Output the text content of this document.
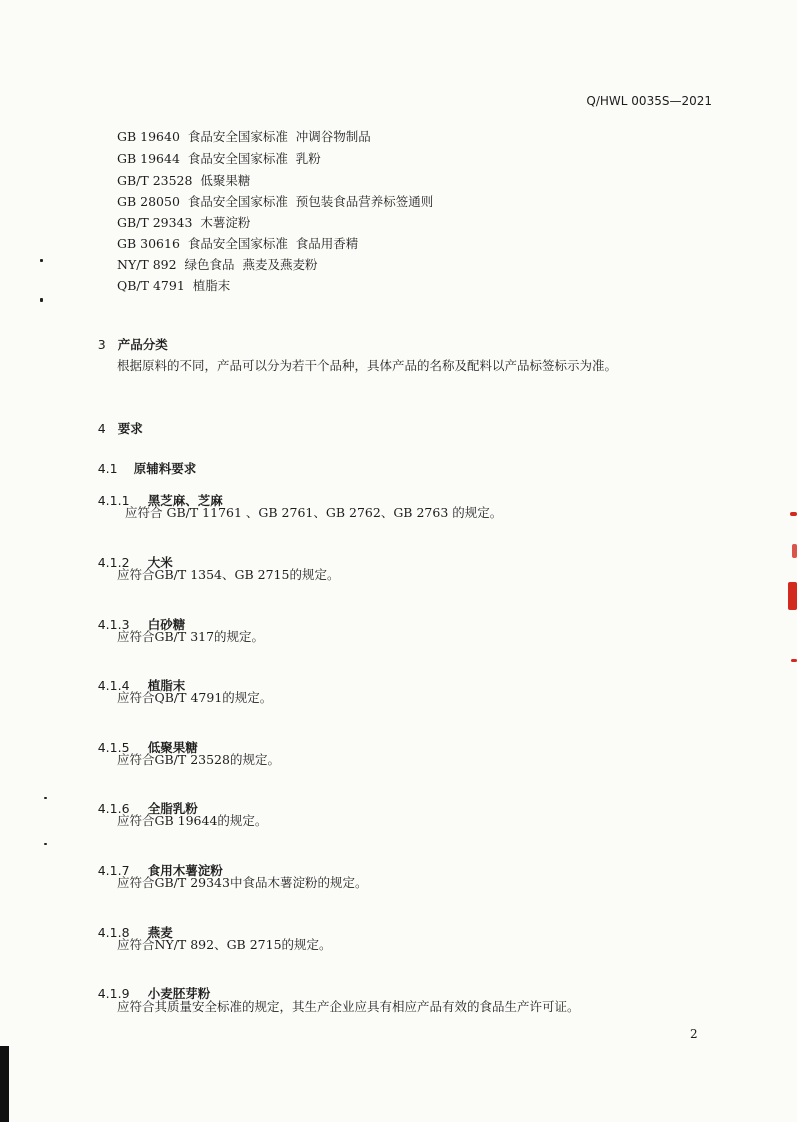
Q/HWL 0035S—2021
GB 19640  食品安全国家标准  冲调谷物制品
GB 19644  食品安全国家标准  乳粉
GB/T 23528  低聚果糖
GB 28050  食品安全国家标准  预包装食品营养标签通则
GB/T 29343  木薯淀粉
GB 30616  食品安全国家标准  食品用香精
NY/T 892  绿色食品  燕麦及燕麦粉
QB/T 4791  植脂末

3 产品分类

根据原料的不同，产品可以分为若干个品种，具体产品的名称及配料以产品标签标示为准。

4 要求

4.1 原辅料要求

4.1.1 黑芝麻、芝麻

应符合 GB/T 11761 、GB 2761、GB 2762、GB 2763 的规定。

4.1.2 大米

应符合GB/T 1354、GB 2715的规定。

4.1.3 白砂糖

应符合GB/T 317的规定。

4.1.4 植脂末

应符合QB/T 4791的规定。

4.1.5 低聚果糖

应符合GB/T 23528的规定。

4.1.6 全脂乳粉

应符合GB 19644的规定。

4.1.7 食用木薯淀粉

应符合GB/T 29343中食品木薯淀粉的规定。

4.1.8 燕麦

应符合NY/T 892、GB 2715的规定。

4.1.9 小麦胚芽粉

应符合其质量安全标准的规定，其生产企业应具有相应产品有效的食品生产许可证。
2
